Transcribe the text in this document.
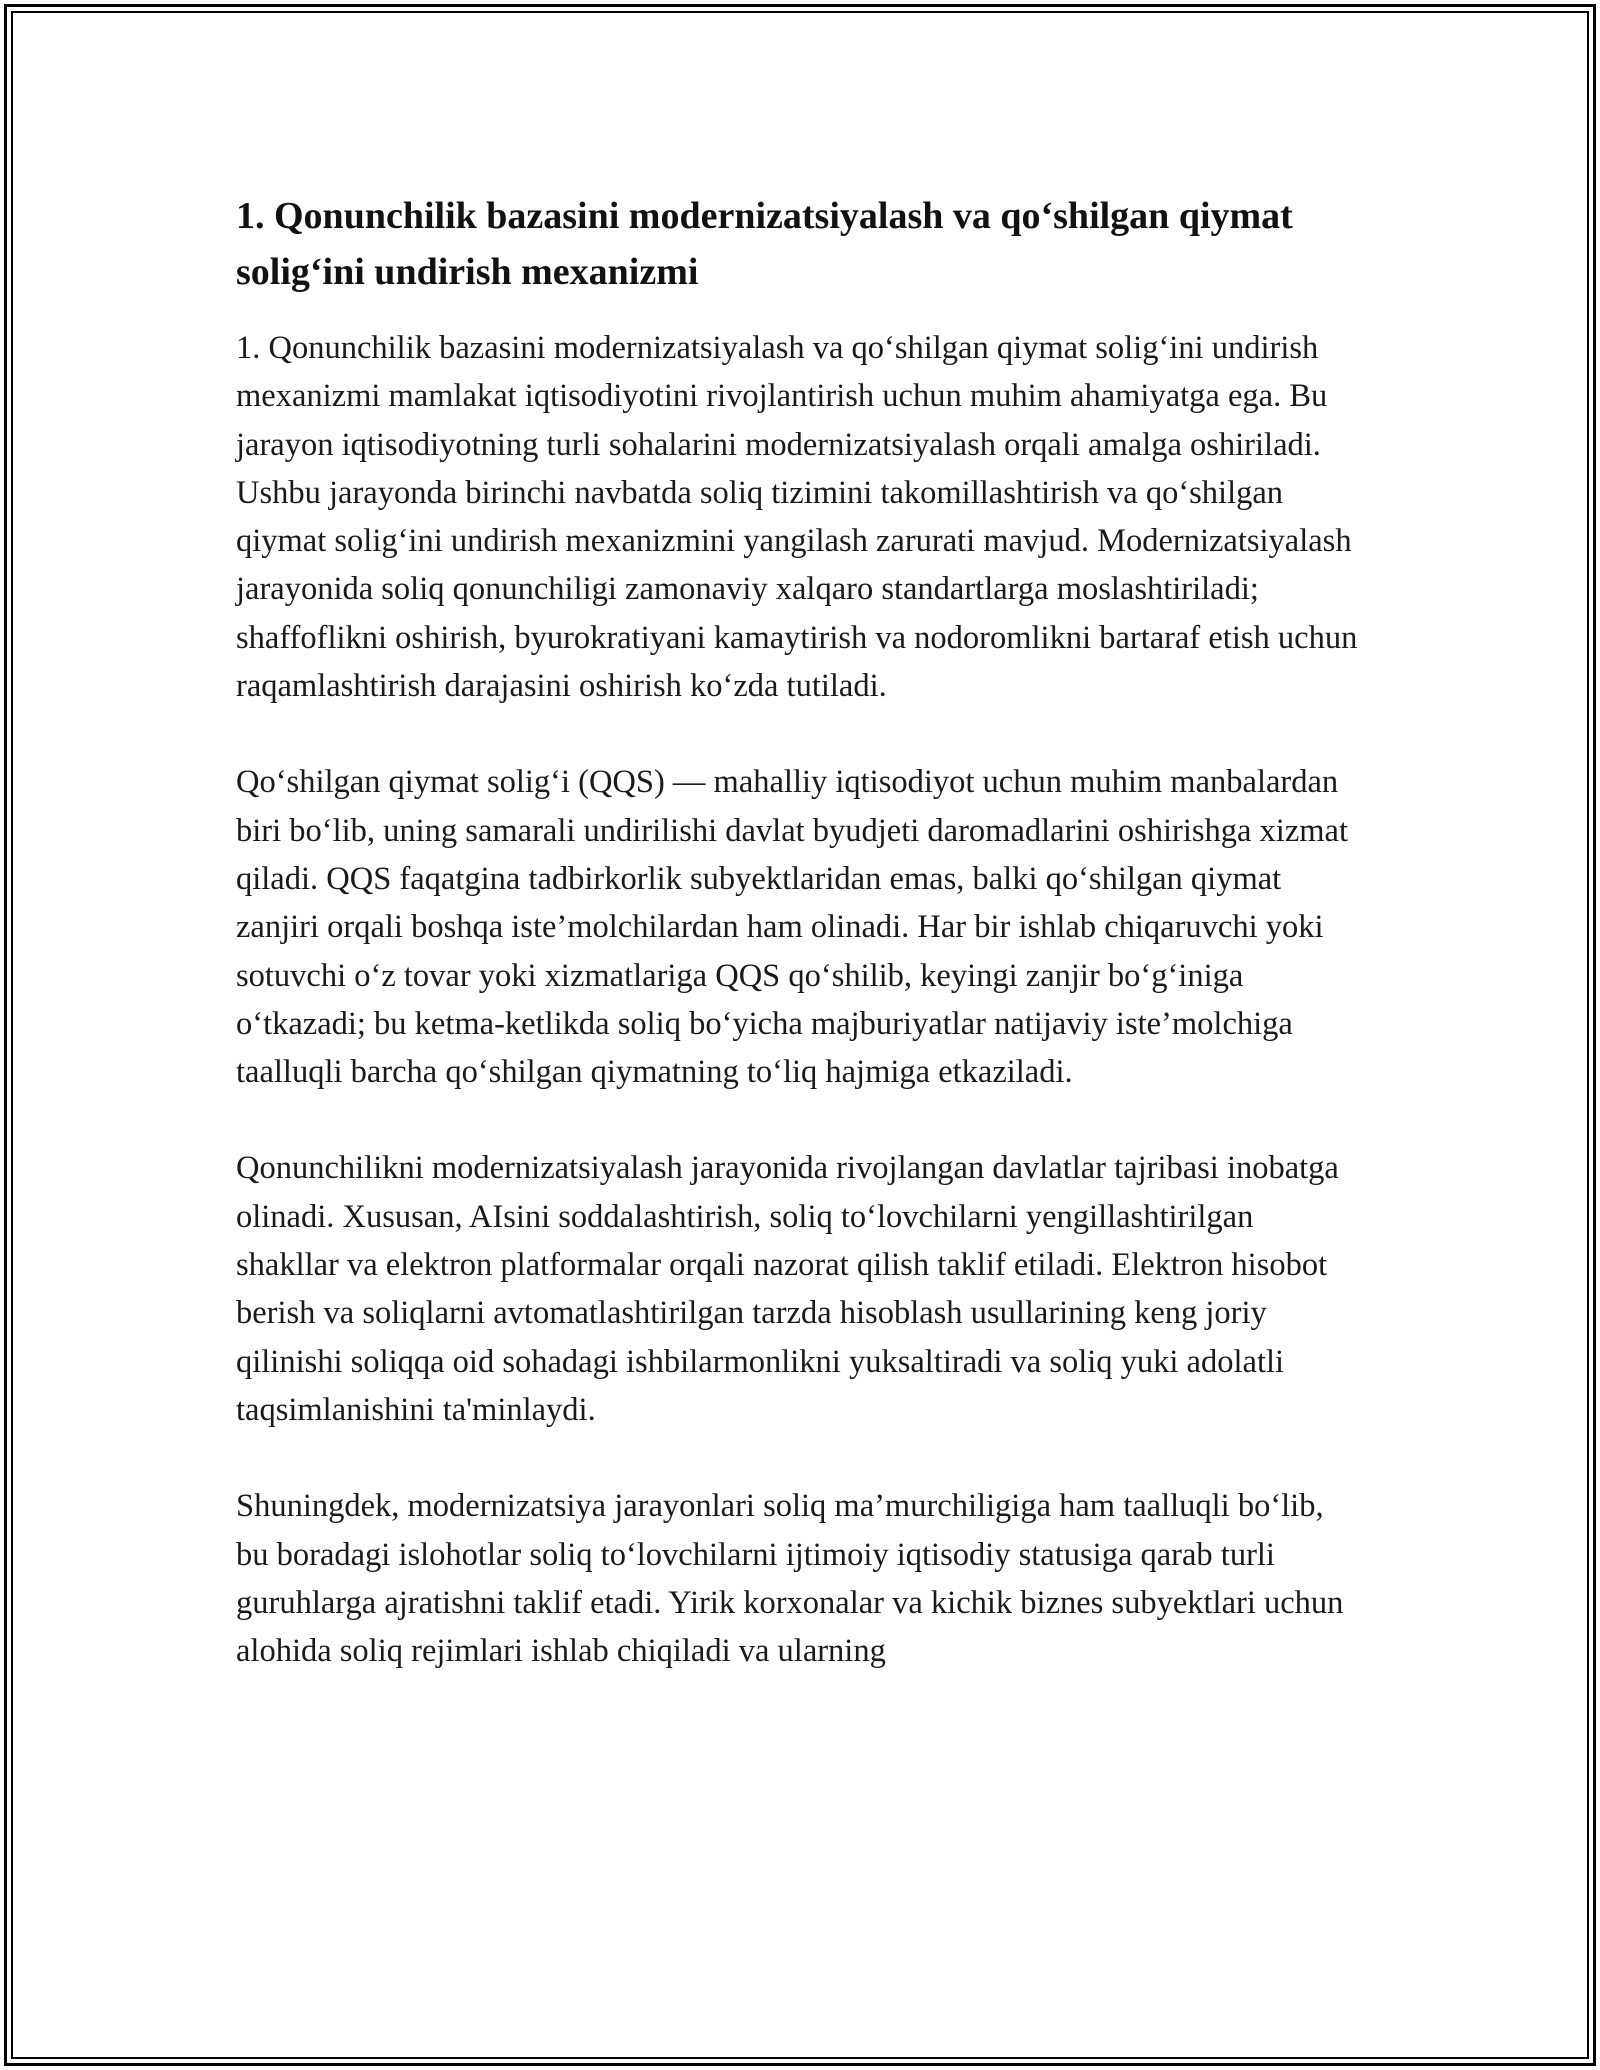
1. Qonunchilik bazasini modernizatsiyalash va qo‘shilgan qiymat solig‘ini undirish mexanizmi

1. Qonunchilik bazasini modernizatsiyalash va qo‘shilgan qiymat solig‘ini undirish mexanizmi mamlakat iqtisodiyotini rivojlantirish uchun muhim ahamiyatga ega. Bu jarayon iqtisodiyotning turli sohalarini modernizatsiyalash orqali amalga oshiriladi. Ushbu jarayonda birinchi navbatda soliq tizimini takomillashtirish va qo‘shilgan qiymat solig‘ini undirish mexanizmini yangilash zarurati mavjud. Modernizatsiyalash jarayonida soliq qonunchiligi zamonaviy xalqaro standartlarga moslashtiriladi; shaffoflikni oshirish, byurokratiyani kamaytirish va nodoromlikni bartaraf etish uchun raqamlashtirish darajasini oshirish ko‘zda tutiladi.

Qo‘shilgan qiymat solig‘i (QQS) — mahalliy iqtisodiyot uchun muhim manbalardan biri bo‘lib, uning samarali undirilishi davlat byudjeti daromadlarini oshirishga xizmat qiladi. QQS faqatgina tadbirkorlik subyektlaridan emas, balki qo‘shilgan qiymat zanjiri orqali boshqa iste’molchilardan ham olinadi. Har bir ishlab chiqaruvchi yoki sotuvchi o‘z tovar yoki xizmatlariga QQS qo‘shilib, keyingi zanjir bo‘g‘iniga o‘tkazadi; bu ketma-ketlikda soliq bo‘yicha majburiyatlar natijaviy iste’molchiga taalluqli barcha qo‘shilgan qiymatning to‘liq hajmiga etkaziladi.

Qonunchilikni modernizatsiyalash jarayonida rivojlangan davlatlar tajribasi inobatga olinadi. Xususan, AIsini soddalashtirish, soliq to‘lovchilarni yengillashtirilgan shakllar va elektron platformalar orqali nazorat qilish taklif etiladi. Elektron hisobot berish va soliqlarni avtomatlashtirilgan tarzda hisoblash usullarining keng joriy qilinishi soliqqa oid sohadagi ishbilarmonlikni yuksaltiradi va soliq yuki adolatli taqsimlanishini ta'minlaydi.

Shuningdek, modernizatsiya jarayonlari soliq ma’murchiligiga ham taalluqli bo‘lib, bu boradagi islohotlar soliq to‘lovchilarni ijtimoiy iqtisodiy statusiga qarab turli guruhlarga ajratishni taklif etadi. Yirik korxonalar va kichik biznes subyektlari uchun alohida soliq rejimlari ishlab chiqiladi va ularning
